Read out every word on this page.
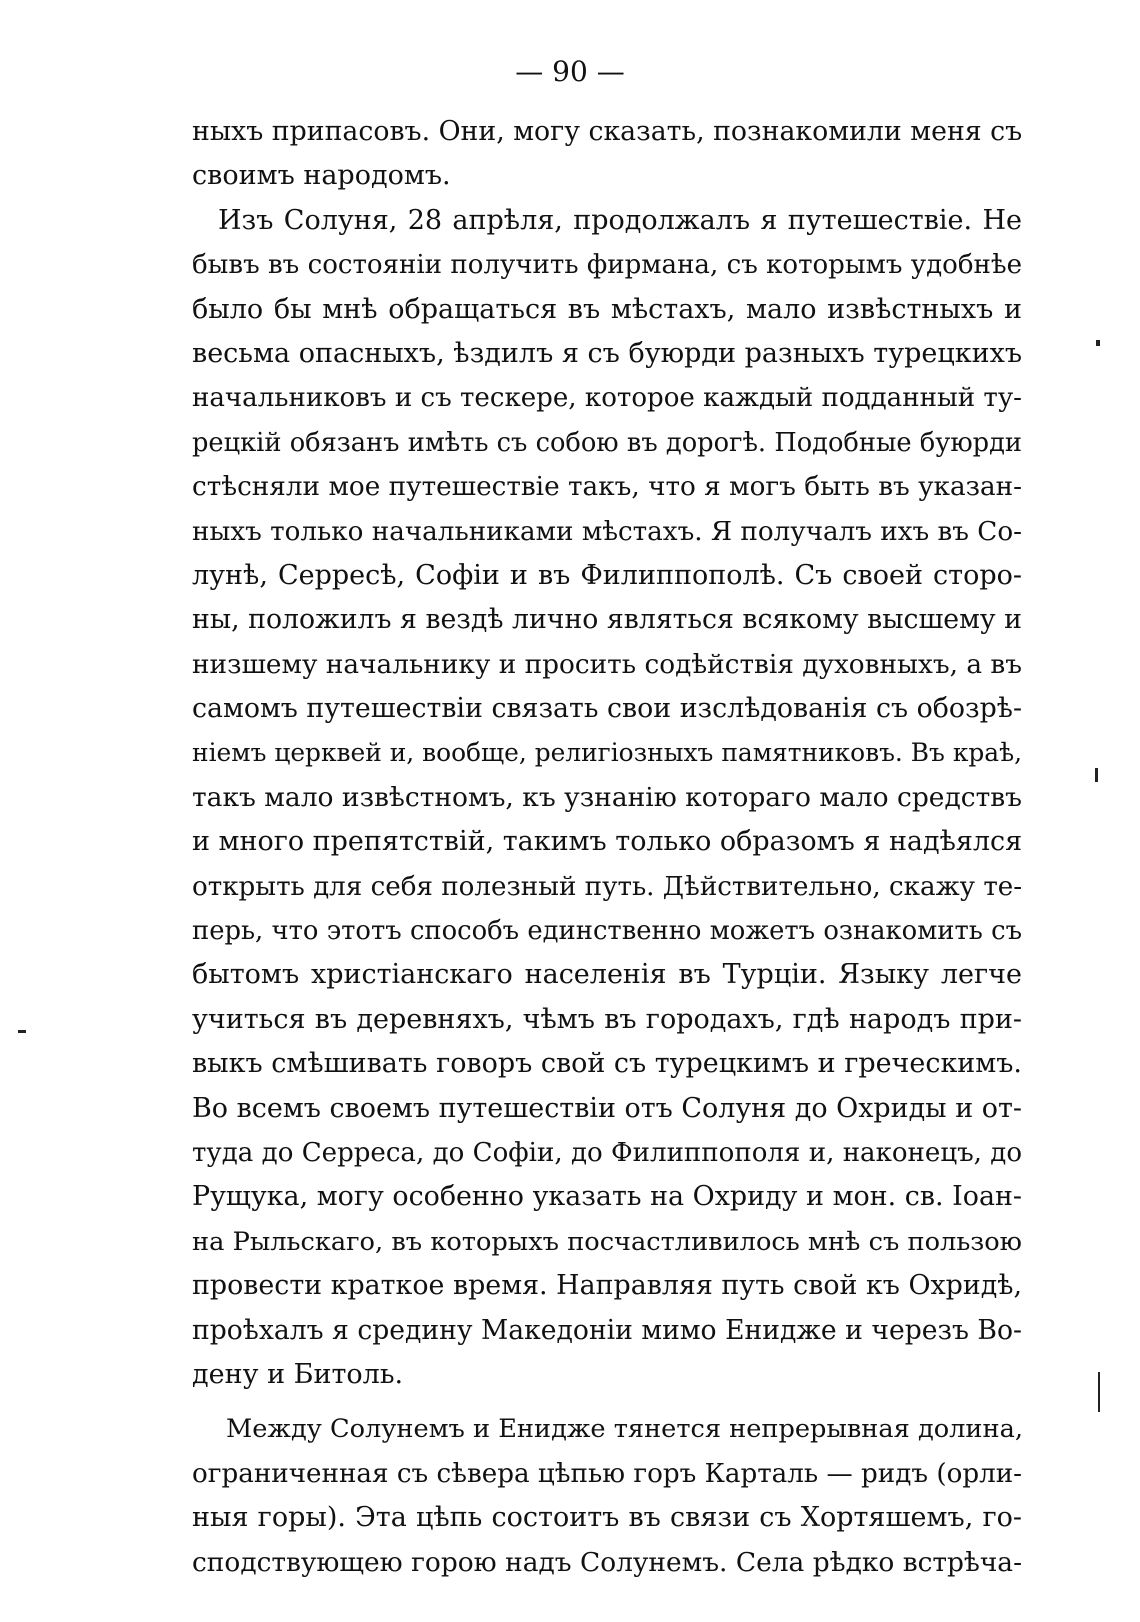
— 90 —
ныхъ припасовъ. Они, могу сказать, познакомили меня съ
своимъ народомъ.
Изъ Солуня, 28 апрѣля, продолжалъ я путешествіе. Не
бывъ въ состояніи получить фирмана, съ которымъ удобнѣе
было бы мнѣ обращаться въ мѣстахъ, мало извѣстныхъ и
весьма опасныхъ, ѣздилъ я съ буюрди разныхъ турецкихъ
начальниковъ и съ тескере, которое каждый подданный ту-
рецкій обязанъ имѣть съ собою въ дорогѣ. Подобные буюрди
стѣсняли мое путешествіе такъ, что я могъ быть въ указан-
ныхъ только начальниками мѣстахъ. Я получалъ ихъ въ Со-
лунѣ, Серресѣ, Софіи и въ Филиппополѣ. Съ своей сторо-
ны, положилъ я вездѣ лично являться всякому высшему и
низшему начальнику и просить содѣйствія духовныхъ, а въ
самомъ путешествіи связать свои изслѣдованія съ обозрѣ-
ніемъ церквей и, вообще, религіозныхъ памятниковъ. Въ краѣ,
такъ мало извѣстномъ, къ узнанію котораго мало средствъ
и много препятствій, такимъ только образомъ я надѣялся
открыть для себя полезный путь. Дѣйствительно, скажу те-
перь, что этотъ способъ единственно можетъ ознакомить съ
бытомъ христіанскаго населенія въ Турціи. Языку легче
учиться въ деревняхъ, чѣмъ въ городахъ, гдѣ народъ при-
выкъ смѣшивать говоръ свой съ турецкимъ и греческимъ.
Во всемъ своемъ путешествіи отъ Солуня до Охриды и от-
туда до Серреса, до Софіи, до Филиппополя и, наконецъ, до
Рущука, могу особенно указать на Охриду и мон. св. Іоан-
на Рыльскаго, въ которыхъ посчастливилось мнѣ съ пользою
провести краткое время. Направляя путь свой къ Охридѣ,
проѣхалъ я средину Македоніи мимо Енидже и черезъ Во-
дену и Битоль.
Между Солунемъ и Енидже тянется непрерывная долина,
ограниченная съ сѣвера цѣпью горъ Карталь — ридъ (орли-
ныя горы). Эта цѣпь состоитъ въ связи съ Хортяшемъ, го-
сподствующею горою надъ Солунемъ. Села рѣдко встрѣча-
